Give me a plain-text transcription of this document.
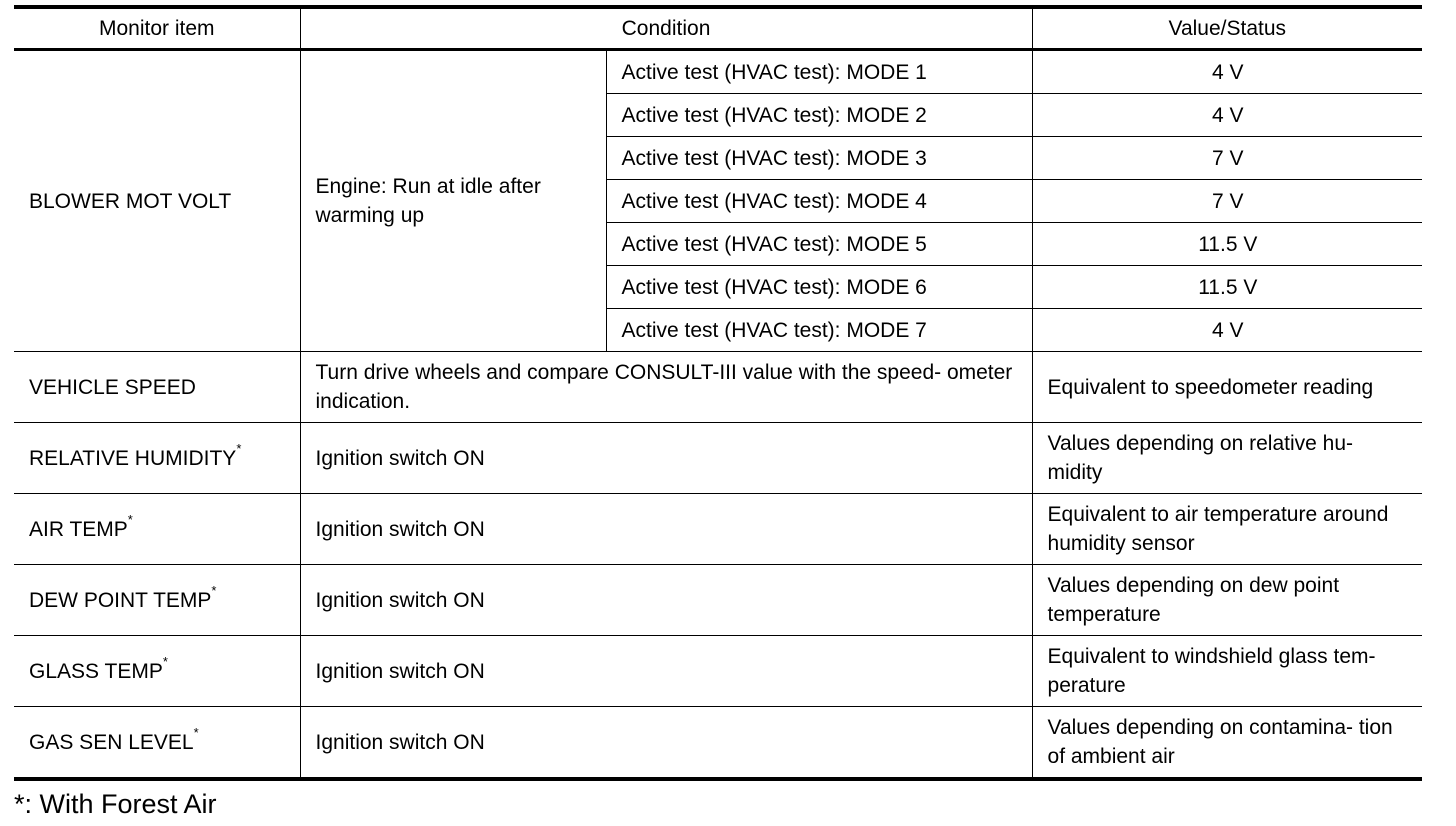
Monitor item	Condition		Value/Status
BLOWER MOT VOLT	Engine: Run at idle after warming up	Active test (HVAC test): MODE 1	4 V
		Active test (HVAC test): MODE 2	4 V
		Active test (HVAC test): MODE 3	7 V
		Active test (HVAC test): MODE 4	7 V
		Active test (HVAC test): MODE 5	11.5 V
		Active test (HVAC test): MODE 6	11.5 V
		Active test (HVAC test): MODE 7	4 V
VEHICLE SPEED	Turn drive wheels and compare CONSULT-III value with the speed- ometer indication.		Equivalent to speedometer reading
RELATIVE HUMIDITY*	Ignition switch ON		Values depending on relative hu- midity
AIR TEMP*	Ignition switch ON		Equivalent to air temperature around humidity sensor
DEW POINT TEMP*	Ignition switch ON		Values depending on dew point temperature
GLASS TEMP*	Ignition switch ON		Equivalent to windshield glass tem- perature
GAS SEN LEVEL*	Ignition switch ON		Values depending on contamina- tion of ambient air
*: With Forest Air
